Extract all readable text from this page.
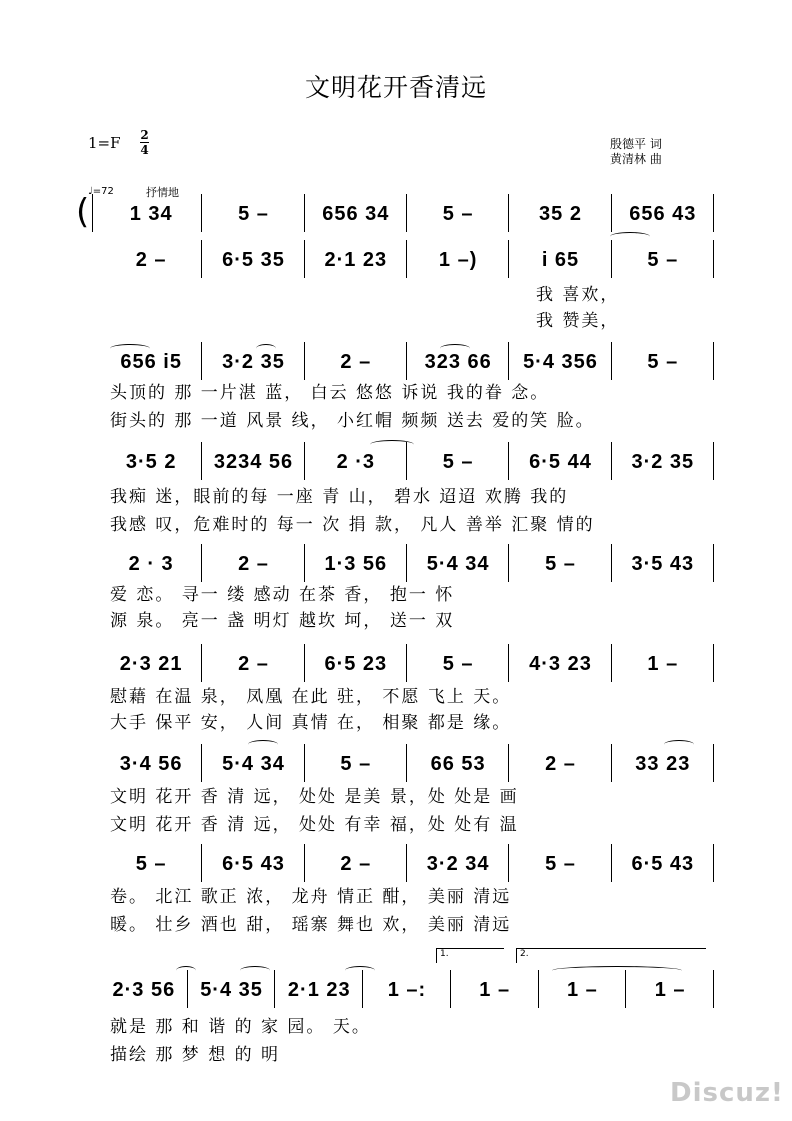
文明花开香清远
1=F 2
4	殷德平 词
黄清林 曲
♩=72	抒情地
(	1 34	5 –	656 34	5 –	35 2	656 43
2 –	6·5 35	2·1 23	1 –)	i 65	5 –
656 i5	3·2 35	2 –	323 66	5·4 356	5 –
3·5 2	3234 56	2 ·3	5 –	6·5 44	3·2 35
2 · 3	2 –	1·3 56	5·4 34	5 –	3·5 43
2·3 21	2 –	6·5 23	5 –	4·3 23	1 –
3·4 56	5·4 34	5 –	66 53	2 –	33 23
5 –	6·5 43	2 –	3·2 34	5 –	6·5 43
2·3 56	5·4 35	2·1 23	1 –:	1 –	1 –	1 –
我 喜欢，
我 赞美，
头顶的 那 一片湛 蓝， 白云 悠悠 诉说 我的眷 念。
街头的 那 一道 风景 线， 小红帽 频频 送去 爱的笑 脸。
我痴 迷，眼前的每 一座 青 山， 碧水 迢迢 欢腾 我的
我感 叹，危难时的 每一 次 捐 款， 凡人 善举 汇聚 情的
爱 恋。 寻一 缕 感动 在茶 香， 抱一 怀
源 泉。 亮一 盏 明灯 越坎 坷， 送一 双
慰藉 在温 泉， 凤凰 在此 驻， 不愿 飞上 天。
大手 保平 安， 人间 真情 在， 相聚 都是 缘。
文明 花开 香 清 远， 处处 是美 景，处 处是 画
文明 花开 香 清 远， 处处 有幸 福，处 处有 温
卷。 北江 歌正 浓， 龙舟 情正 酣， 美丽 清远
暖。 壮乡 酒也 甜， 瑶寨 舞也 欢， 美丽 清远
就是 那 和 谐 的 家 园。 天。
描绘 那 梦 想 的 明
1.	2.
Discuz!
